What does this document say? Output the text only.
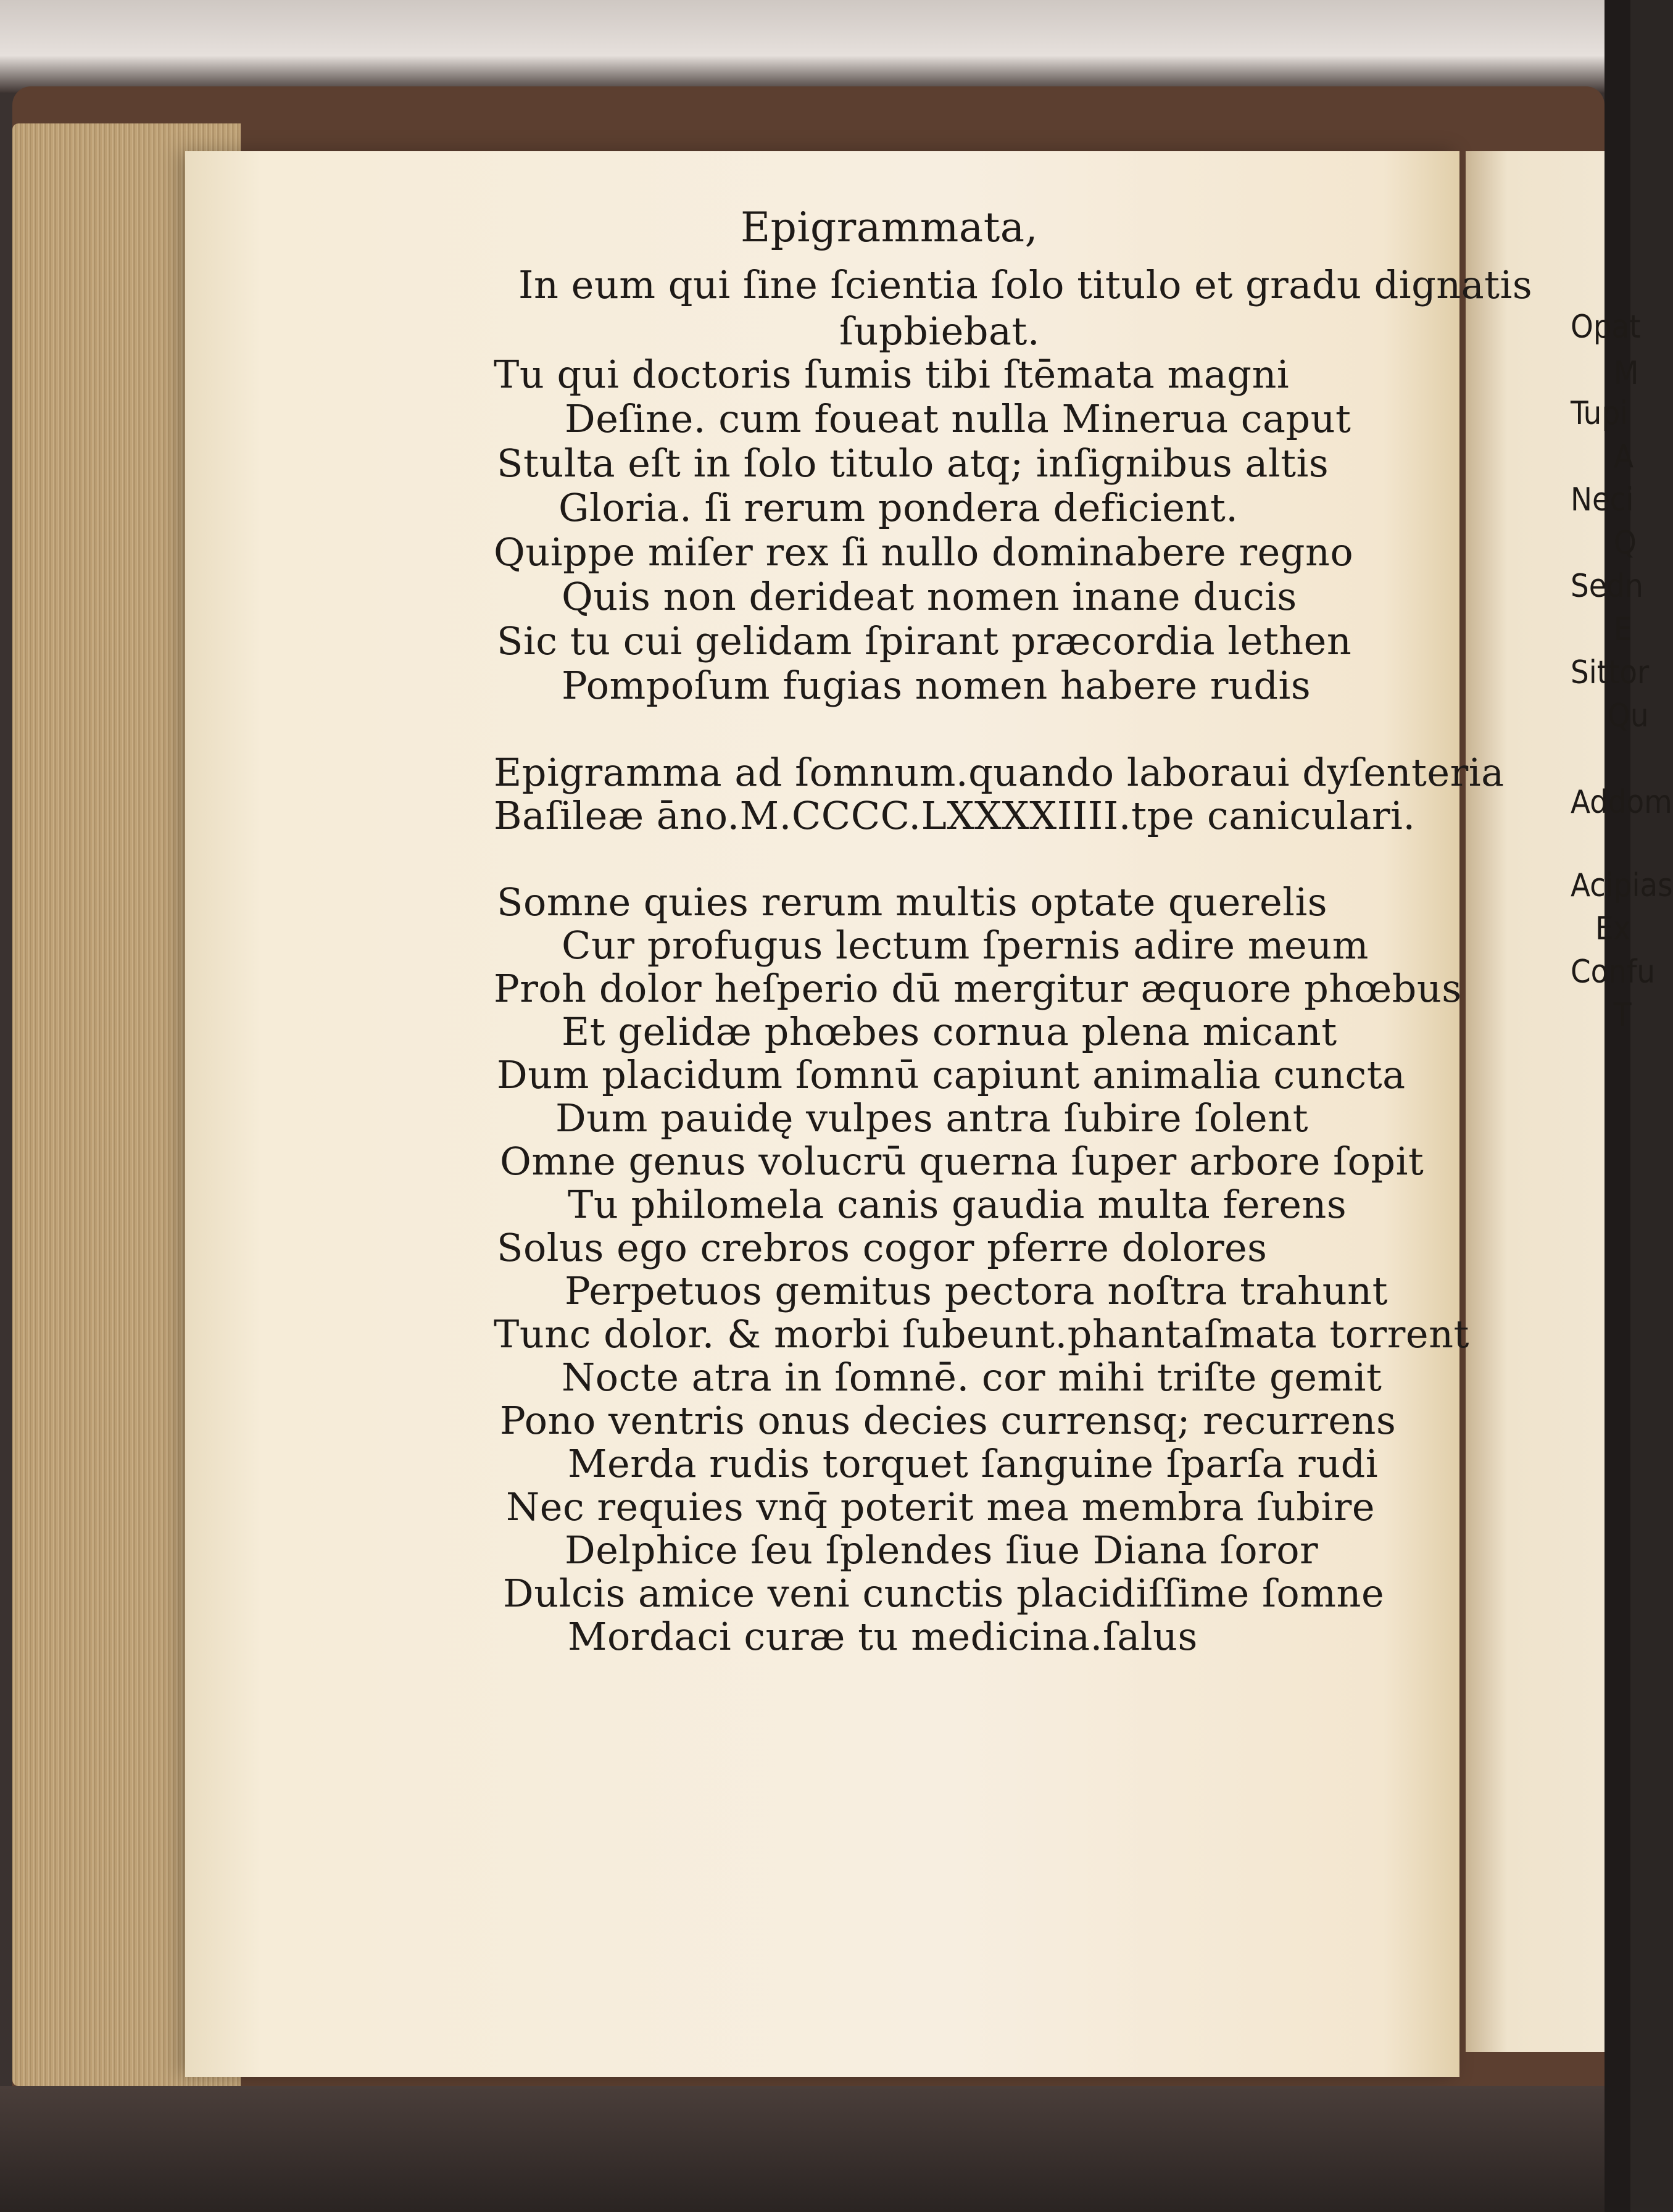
Epigrammata,
In eum qui ſine ſcientia ſolo titulo et gradu dignatis
ſupbiebat.
Tu qui doctoris ſumis tibi ſtēmata magni
Deſine. cum foueat nulla Minerua caput
Stulta eſt in ſolo titulo atq; inſignibus altis
Gloria. ſi rerum pondera deficient.
Quippe miſer rex ſi nullo dominabere regno
Quis non derideat nomen inane ducis
Sic tu cui gelidam ſpirant præcordia lethen
Pompoſum fugias nomen habere rudis
Epigramma ad ſomnum.quando laboraui dyſenteria
Baſileæ āno.M.CCCC.LXXXXIIII.tpe caniculari.
Somne quies rerum multis optate querelis
Cur profugus lectum ſpernis adire meum
Proh dolor heſperio dū mergitur æquore phœbus
Et gelidæ phœbes cornua plena micant
Dum placidum ſomnū capiunt animalia cuncta
Dum pauidę vulpes antra ſubire ſolent
Omne genus volucrū querna ſuper arbore ſopit
Tu philomela canis gaudia multa ferens
Solus ego crebros cogor pferre dolores
Perpetuos gemitus pectora noſtra trahunt
Tunc dolor. & morbi ſubeunt.phantaſmata torrent
Nocte atra in ſomnē. cor mihi triſte gemit
Pono ventris onus decies currensq; recurrens
Merda rudis torquet ſanguine ſparſa rudi
Nec requies vnq̄ poterit mea membra ſubire
Delphice ſeu ſplendes ſiue Diana ſoror
Dulcis amice veni cunctis placidiſſime ſomne
Mordaci curæ tu medicina.ſalus
Opat
M
Tupi
A
Neci
Q
Sedn
E
Sittor
Qu
Addom
Acipias
Ex
Confu
T
